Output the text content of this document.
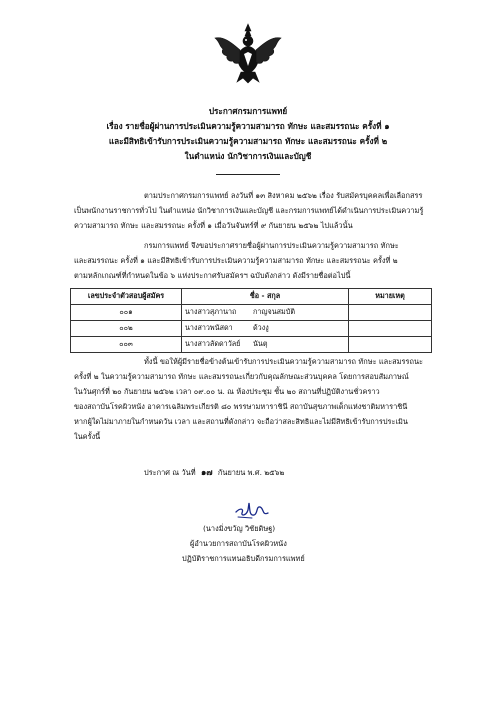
ประกาศกรมการแพทย์
เรื่อง รายชื่อผู้ผ่านการประเมินความรู้ความสามารถ ทักษะ และสมรรถนะ ครั้งที่ ๑
และมีสิทธิเข้ารับการประเมินความรู้ความสามารถ ทักษะ และสมรรถนะ ครั้งที่ ๒
ในตำแหน่ง นักวิชาการเงินและบัญชี
ตามประกาศกรมการแพทย์ ลงวันที่ ๑๓ สิงหาคม ๒๕๖๒ เรื่อง รับสมัครบุคคลเพื่อเลือกสรร
เป็นพนักงานราชการทั่วไป ในตำแหน่ง นักวิชาการเงินและบัญชี และกรมการแพทย์ได้ดำเนินการประเมินความรู้
ความสามารถ ทักษะ และสมรรถนะ ครั้งที่ ๑ เมื่อวันจันทร์ที่ ๙ กันยายน ๒๕๖๒ ไปแล้วนั้น
กรมการแพทย์ จึงขอประกาศรายชื่อผู้ผ่านการประเมินความรู้ความสามารถ ทักษะ
และสมรรถนะ ครั้งที่ ๑ และมีสิทธิเข้ารับการประเมินความรู้ความสามารถ ทักษะ และสมรรถนะ ครั้งที่ ๒
ตามหลักเกณฑ์ที่กำหนดในข้อ ๖ แห่งประกาศรับสมัครฯ ฉบับดังกล่าว ดังมีรายชื่อต่อไปนี้
เลขประจำตัวสอบผู้สมัคร	ชื่อ - สกุล	หมายเหตุ
๐๐๑	นางสาวสุภานาถ กาญจนสมบัติ	
๐๐๒	นางสาวพนัสดา ด้วงงู	
๐๐๓	นางสาวลัดดาวัลย์ นันตุ	
ทั้งนี้ ขอให้ผู้มีรายชื่อข้างต้นเข้ารับการประเมินความรู้ความสามารถ ทักษะ และสมรรถนะ
ครั้งที่ ๒ ในความรู้ความสามารถ ทักษะ และสมรรถนะเกี่ยวกับคุณลักษณะส่วนบุคคล โดยการสอบสัมภาษณ์
ในวันศุกร์ที่ ๒๐ กันยายน ๒๕๖๒ เวลา ๐๙.๐๐ น. ณ ห้องประชุม ชั้น ๒๐ สถานที่ปฏิบัติงานชั่วคราว
ของสถาบันโรคผิวหนัง อาคารเฉลิมพระเกียรติ ๘๐ พรรษามหาราชินี สถาบันสุขภาพเด็กแห่งชาติมหาราชินี
หากผู้ใดไม่มาภายในกำหนดวัน เวลา และสถานที่ดังกล่าว จะถือว่าสละสิทธิและไม่มีสิทธิเข้ารับการประเมิน
ในครั้งนี้
ประกาศ ณ วันที่ ๑๗ กันยายน พ.ศ. ๒๕๖๒
(นางมิ่งขวัญ วิชัยดิษฐ)
ผู้อำนวยการสถาบันโรคผิวหนัง
ปฏิบัติราชการแทนอธิบดีกรมการแพทย์
